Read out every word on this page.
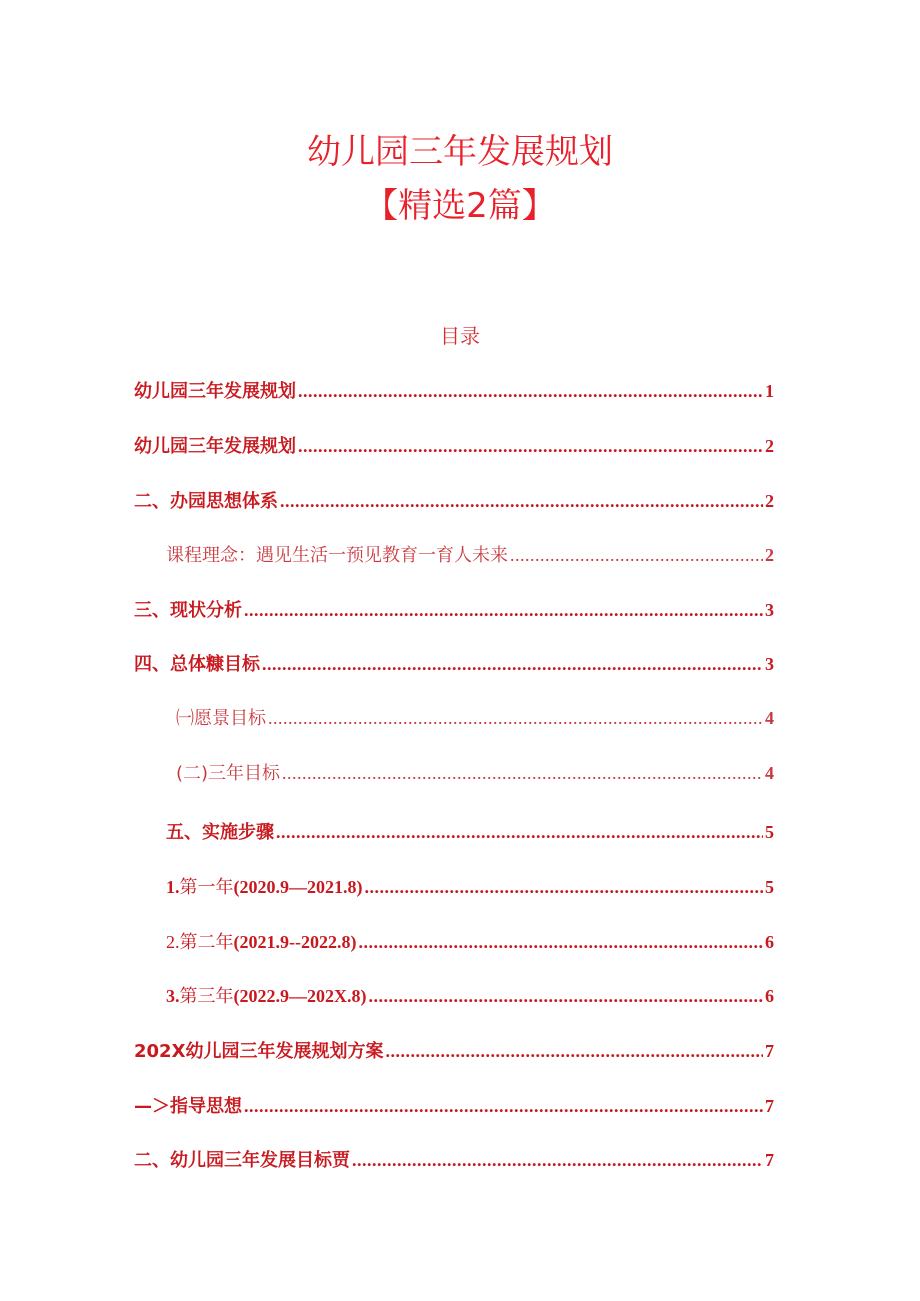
幼儿园三年发展规划
【精选2篇】
目录
幼儿园三年发展规划 .....	1
幼儿园三年发展规划 .....	2
二、办园思想体系 .....	2
课程理念：遇见生活一预见教育一育人未来 .....	2
三、现状分析 .....	3
四、总体糠目标 .....	3
㈠愿景目标 .....	4
(二)三年目标 .....	4
五、实施步骤 .....	5
1.第一年(2020.9—2021.8) .....	5
2.第二年(2021.9--2022.8) .....	6
3.第三年(2022.9—202X.8) .....	6
202X幼儿园三年发展规划方案 .....	7
—＞指导思想 .....	7
二、幼儿园三年发展目标贾 .....	7
